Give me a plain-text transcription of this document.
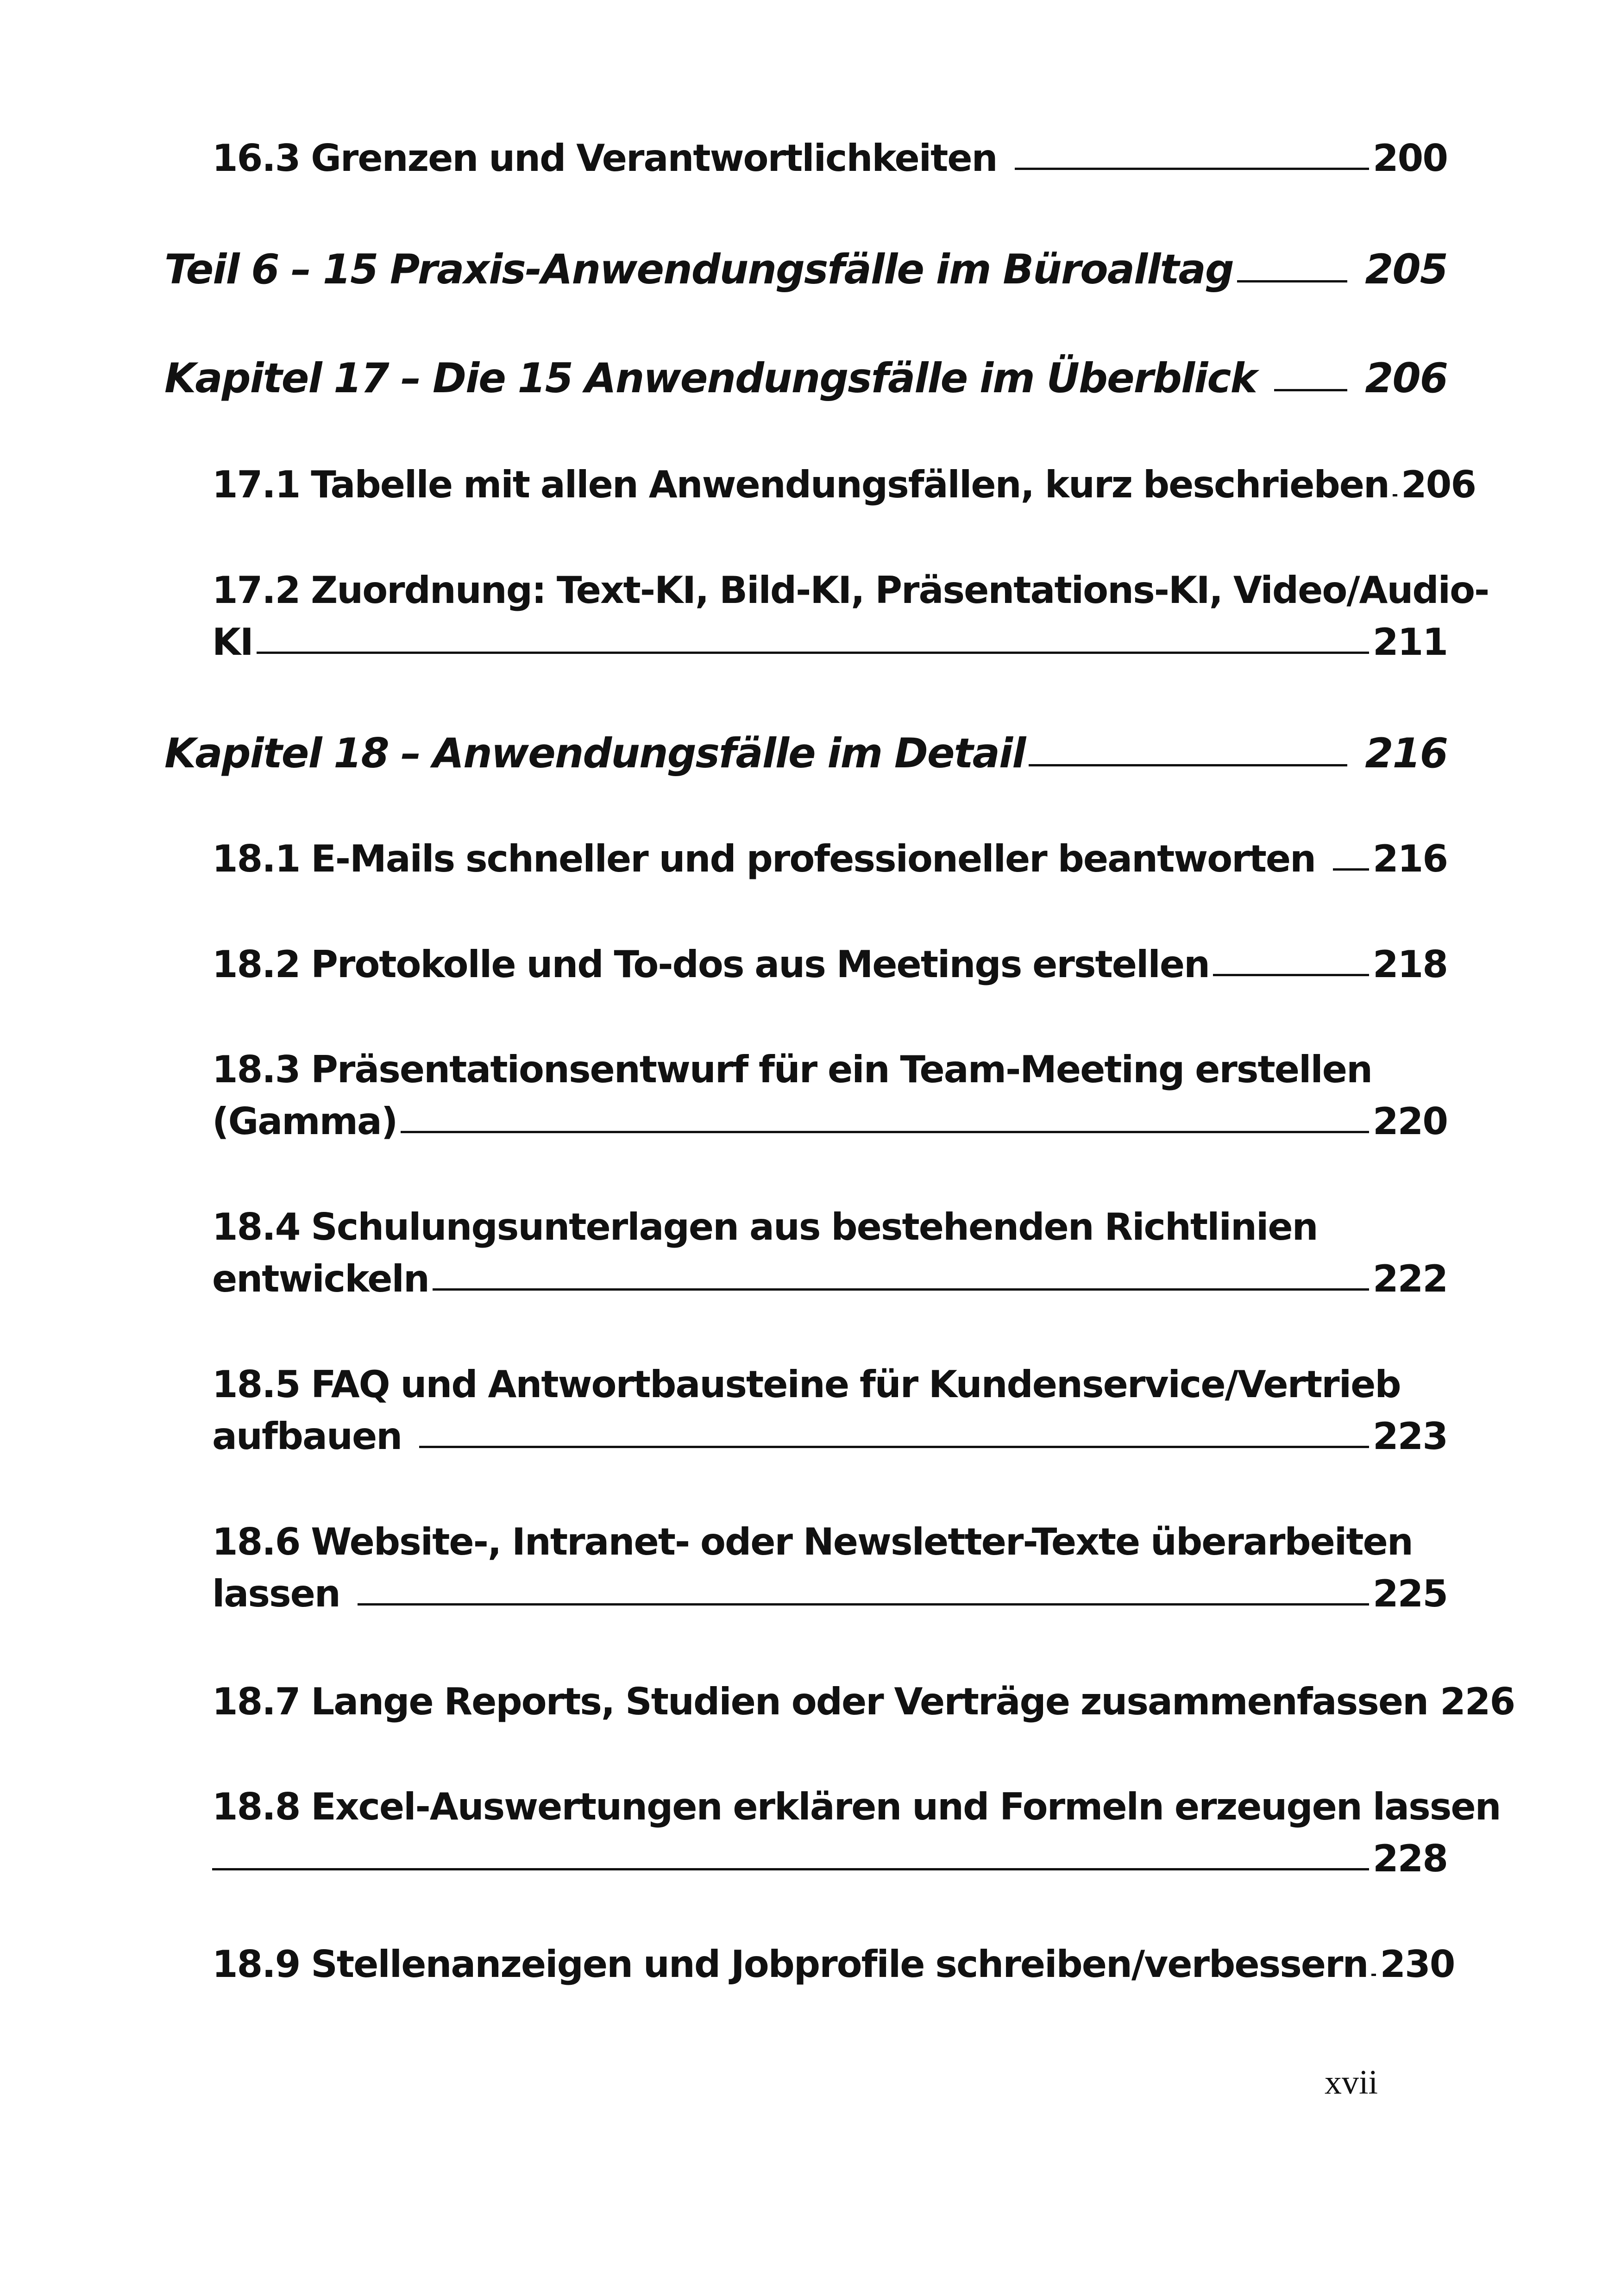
16.3 Grenzen und Verantwortlichkeiten	200
Teil 6 – 15 Praxis-Anwendungsfälle im Büroalltag	205
Kapitel 17 – Die 15 Anwendungsfälle im Überblick	206
17.1 Tabelle mit allen Anwendungsfällen, kurz beschrieben 206
17.2 Zuordnung: Text-KI, Bild-KI, Präsentations-KI, Video/Audio-
KI	211
Kapitel 18 – Anwendungsfälle im Detail	216
18.1 E-Mails schneller und professioneller beantworten 216
18.2 Protokolle und To-dos aus Meetings erstellen	218
18.3 Präsentationsentwurf für ein Team-Meeting erstellen
(Gamma)	220
18.4 Schulungsunterlagen aus bestehenden Richtlinien
entwickeln	222
18.5 FAQ und Antwortbausteine für Kundenservice/Vertrieb
aufbauen	223
18.6 Website-, Intranet- oder Newsletter-Texte überarbeiten
lassen	225
18.7 Lange Reports, Studien oder Verträge zusammenfassen 226
18.8 Excel-Auswertungen erklären und Formeln erzeugen lassen
228
18.9 Stellenanzeigen und Jobprofile schreiben/verbessern 230
xvii
